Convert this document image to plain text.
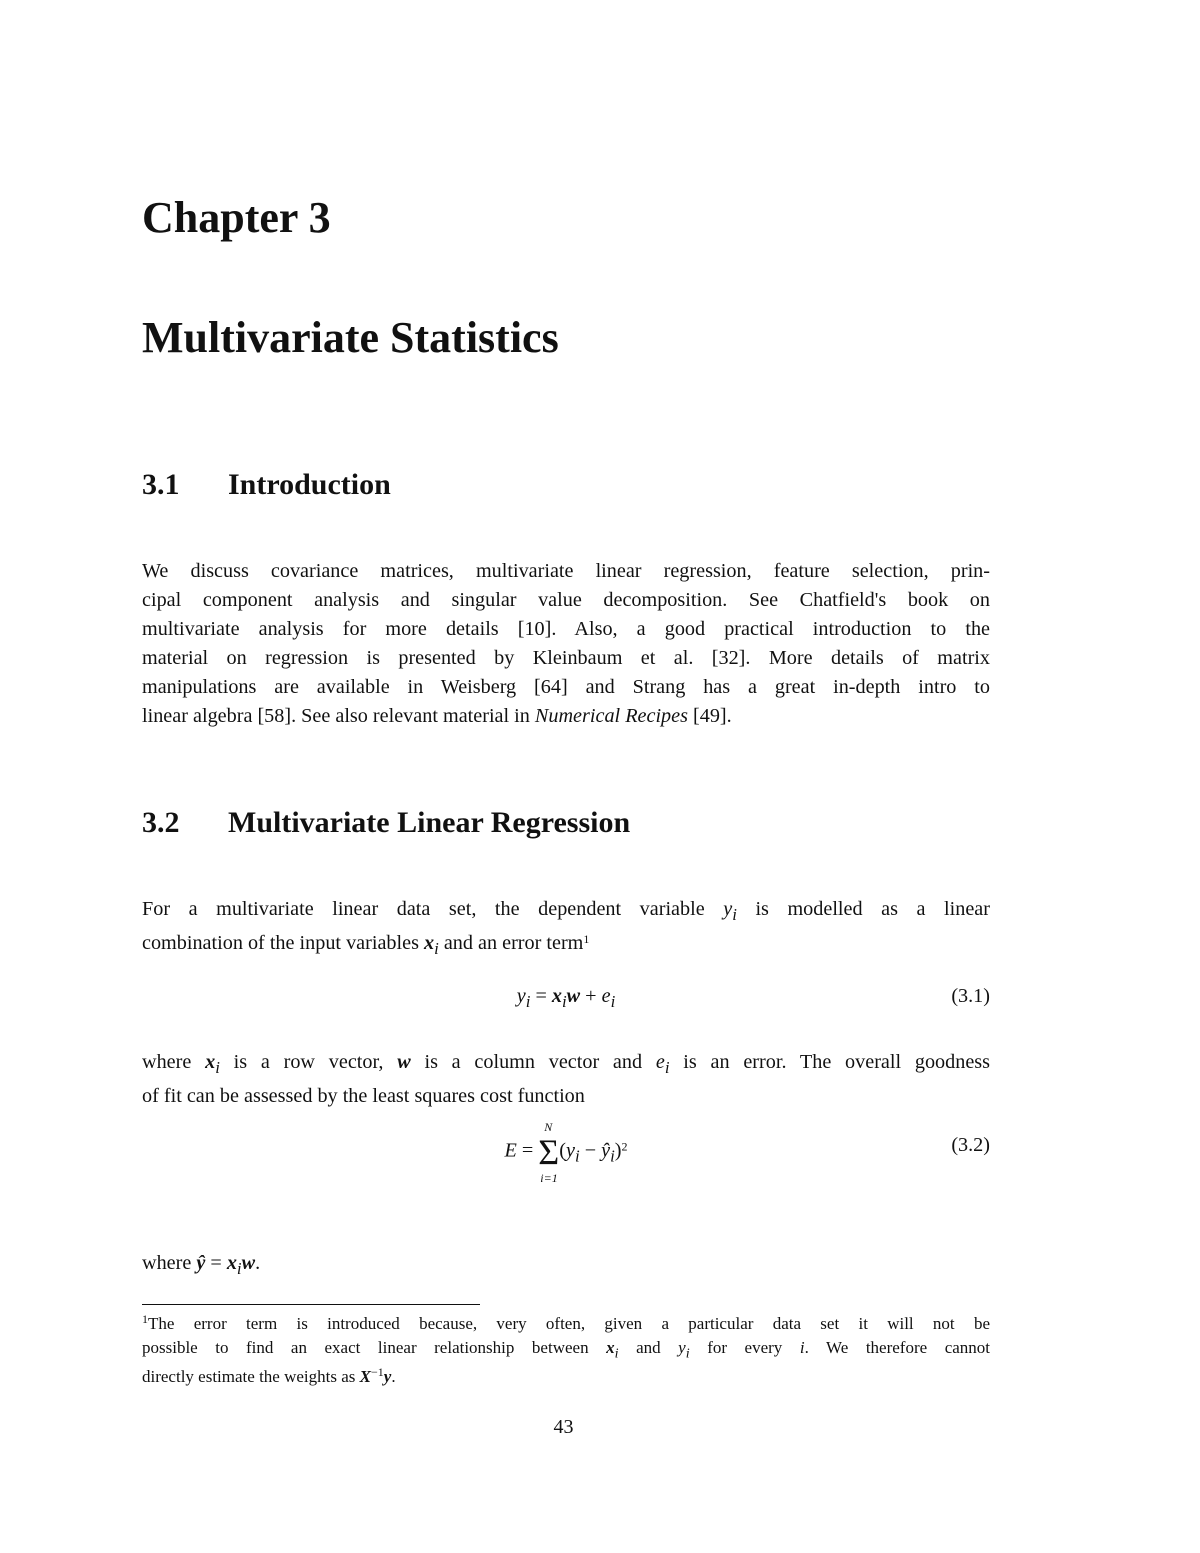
Chapter 3
Multivariate Statistics
3.1 Introduction
We discuss covariance matrices, multivariate linear regression, feature selection, prin-
cipal component analysis and singular value decomposition. See Chatfield's book on
multivariate analysis for more details [10]. Also, a good practical introduction to the
material on regression is presented by Kleinbaum et al. [32]. More details of matrix
manipulations are available in Weisberg [64] and Strang has a great in-depth intro to
linear algebra [58]. See also relevant material in Numerical Recipes [49].
3.2 Multivariate Linear Regression
For a multivariate linear data set, the dependent variable $y_i$ is modelled as a linear
combination of the input variables $x_i$ and an error term$^1$
$y_i = x_iw + e_i$	(3.1)
where $x_i$ is a row vector, w is a column vector and $e_i$ is an error. The overall goodness
of fit can be assessed by the least squares cost function
E =
N
Σ
i=1
($y_i$ − $ŷ_i)^2$	(3.2)
where ŷ = $x_iw$.
$^1$The error term is introduced because, very often, given a particular data set it will not be
possible to find an exact linear relationship between $x_i$ and $y_i$ for every i. We therefore cannot
directly estimate the weights as $X^{-1}y$.
43
